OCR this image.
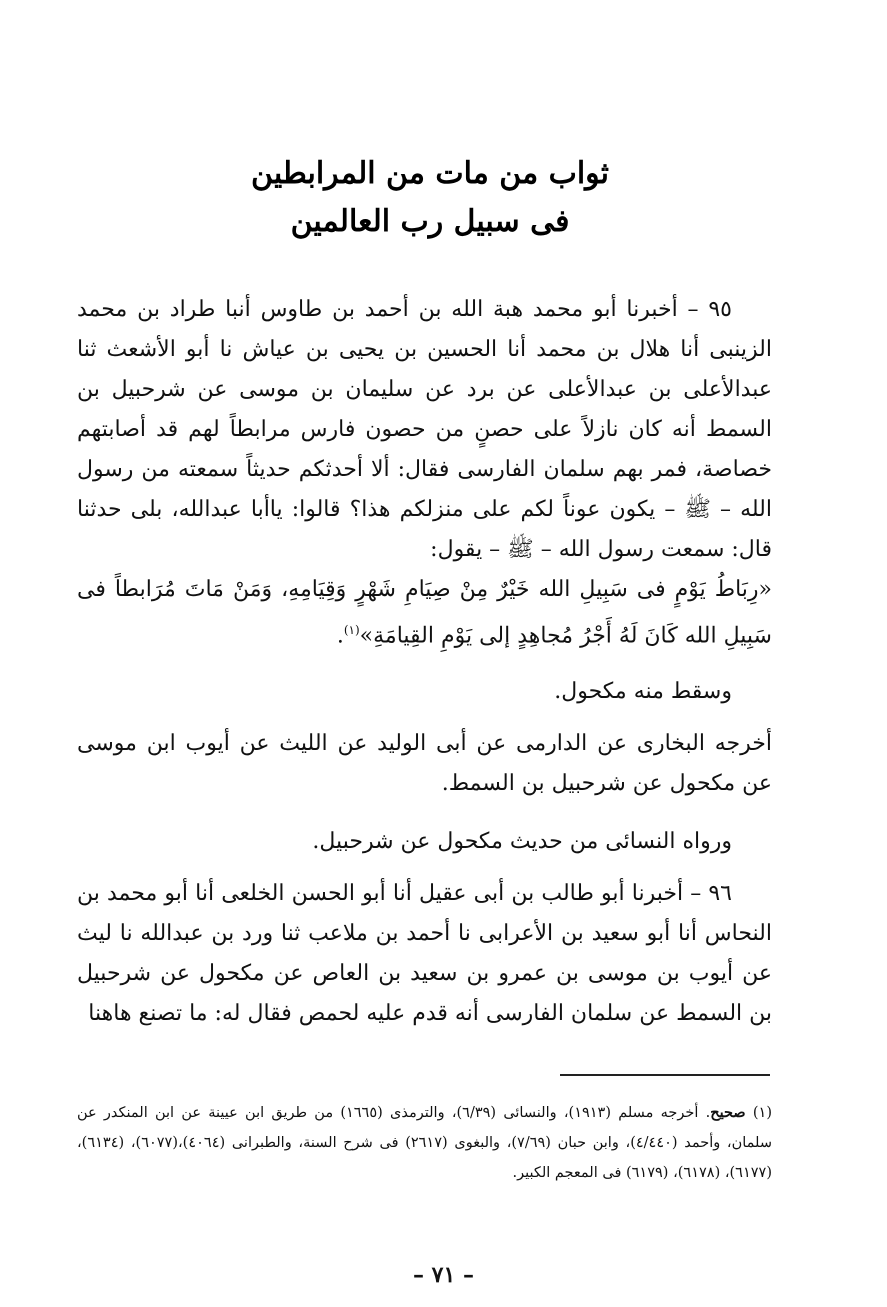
ثواب من مات من المرابطين
فى سبيل رب العالمين
٩٥ – أخبرنا أبو محمد هبة الله بن أحمد بن طاوس أنبا طراد بن محمد الزينبى أنا هلال بن محمد أنا الحسين بن يحيى بن عياش نا أبو الأشعث ثنا عبدالأعلى بن عبدالأعلى عن برد عن سليمان بن موسى عن شرحبيل بن السمط أنه كان نازلاً على حصنٍ من حصون فارس مرابطاً لهم قد أصابتهم خصاصة، فمر بهم سلمان الفارسى فقال: ألا أحدثكم حديثاً سمعته من رسول الله – ﷺ – يكون عوناً لكم على منزلكم هذا؟ قالوا: ياأبا عبدالله، بلى حدثنا قال: سمعت رسول الله – ﷺ – يقول:
«رِبَاطُ يَوْمٍ فى سَبِيلِ الله خَيْرٌ مِنْ صِيَامِ شَهْرٍ وَقِيَامِهِ، وَمَنْ مَاتَ مُرَابطاً فى سَبِيلِ الله كَانَ لَهُ أَجْرُ مُجاهِدٍ إلى يَوْمِ القِيامَةِ»$^{(١)}$.
وسقط منه مكحول.
أخرجه البخارى عن الدارمى عن أبى الوليد عن الليث عن أيوب ابن موسى عن مكحول عن شرحبيل بن السمط.
ورواه النسائى من حديث مكحول عن شرحبيل.
٩٦ – أخبرنا أبو طالب بن أبى عقيل أنا أبو الحسن الخلعى أنا أبو محمد بن النحاس أنا أبو سعيد بن الأعرابى نا أحمد بن ملاعب ثنا ورد بن عبدالله نا ليث عن أيوب بن موسى بن عمرو بن سعيد بن العاص عن مكحول عن شرحبيل بن السمط عن سلمان الفارسى أنه قدم عليه لحمص فقال له: ما تصنع هاهنا
(١) صحيح. أخرجه مسلم (١٩١٣)، والنسائى (٦/٣٩)، والترمذى (١٦٦٥) من طريق ابن عيينة عن ابن المنكدر عن سلمان، وأحمد (٤/٤٤٠)، وابن حبان (٧/٦٩)، والبغوى (٢٦١٧) فى شرح السنة، والطبرانى (٤٠٦٤)،(٦٠٧٧)، (٦١٣٤)، (٦١٧٧)، (٦١٧٨)، (٦١٧٩) فى المعجم الكبير.
– ٧١ –
